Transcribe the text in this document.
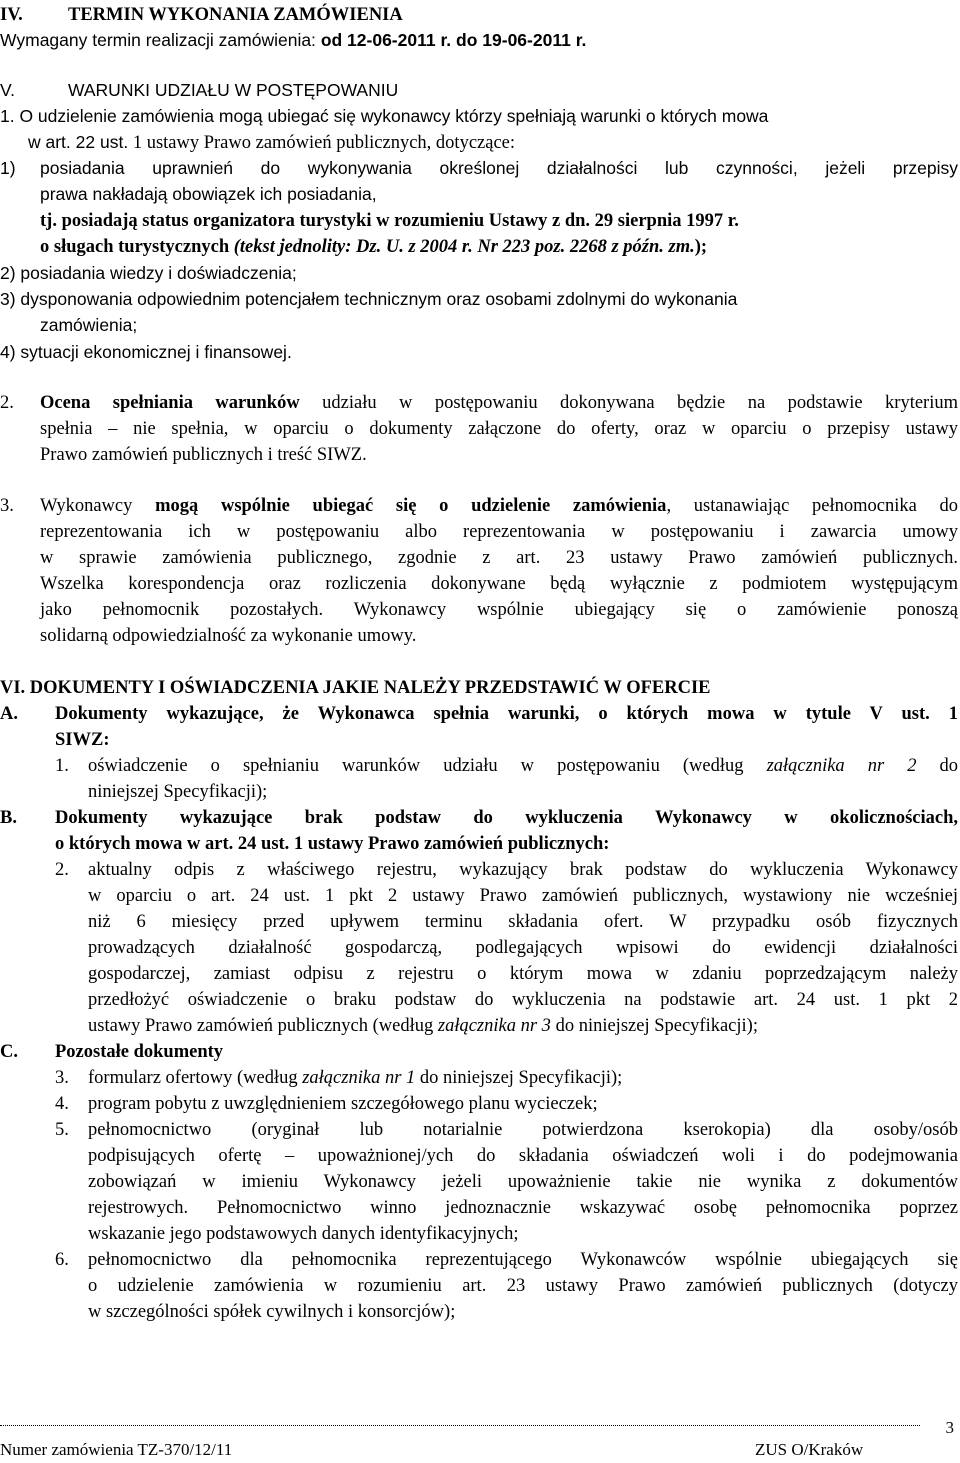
IV. TERMIN WYKONANIA ZAMÓWIENIA
Wymagany termin realizacji zamówienia: od 12-06-2011 r. do 19-06-2011 r.
V.	WARUNKI UDZIAŁU W POSTĘPOWANIU
1. O udzielenie zamówienia mogą ubiegać się wykonawcy którzy spełniają warunki o których mowa
w art. 22 ust. 1 ustawy Prawo zamówień publicznych, dotyczące:
1) posiadania uprawnień do wykonywania określonej działalności lub czynności, jeżeli przepisy
prawa nakładają obowiązek ich posiadania,
tj. posiadają status organizatora turystyki w rozumieniu Ustawy z dn. 29 sierpnia 1997 r.
o sługach turystycznych (tekst jednolity: Dz. U. z 2004 r. Nr 223 poz. 2268 z późn. zm.);
2) posiadania wiedzy i doświadczenia;
3) dysponowania odpowiednim potencjałem technicznym oraz osobami zdolnymi do wykonania
zamówienia;
4) sytuacji ekonomicznej i finansowej.
2. Ocena spełniania warunków udziału w postępowaniu dokonywana będzie na podstawie kryterium
spełnia – nie spełnia, w oparciu o dokumenty załączone do oferty, oraz w oparciu o przepisy ustawy
Prawo zamówień publicznych i treść SIWZ.
3. Wykonawcy mogą wspólnie ubiegać się o udzielenie zamówienia, ustanawiając pełnomocnika do
reprezentowania ich w postępowaniu albo reprezentowania w postępowaniu i zawarcia umowy
w sprawie zamówienia publicznego, zgodnie z art. 23 ustawy Prawo zamówień publicznych.
Wszelka korespondencja oraz rozliczenia dokonywane będą wyłącznie z podmiotem występującym
jako pełnomocnik pozostałych. Wykonawcy wspólnie ubiegający się o zamówienie ponoszą
solidarną odpowiedzialność za wykonanie umowy.
VI. DOKUMENTY I OŚWIADCZENIA JAKIE NALEŻY PRZEDSTAWIĆ W OFERCIE
A. Dokumenty wykazujące, że Wykonawca spełnia warunki, o których mowa w tytule V ust. 1
SIWZ:
1. oświadczenie o spełnianiu warunków udziału w postępowaniu (według załącznika nr 2 do
niniejszej Specyfikacji);
B. Dokumenty wykazujące brak podstaw do wykluczenia Wykonawcy w okolicznościach,
o których mowa w art. 24 ust. 1 ustawy Prawo zamówień publicznych:
2. aktualny odpis z właściwego rejestru, wykazujący brak podstaw do wykluczenia Wykonawcy
w oparciu o art. 24 ust. 1 pkt 2 ustawy Prawo zamówień publicznych, wystawiony nie wcześniej
niż 6 miesięcy przed upływem terminu składania ofert. W przypadku osób fizycznych
prowadzących działalność gospodarczą, podlegających wpisowi do ewidencji działalności
gospodarczej, zamiast odpisu z rejestru o którym mowa w zdaniu poprzedzającym należy
przedłożyć oświadczenie o braku podstaw do wykluczenia na podstawie art. 24 ust. 1 pkt 2
ustawy Prawo zamówień publicznych (według załącznika nr 3 do niniejszej Specyfikacji);
C. Pozostałe dokumenty
3. formularz ofertowy (według załącznika nr 1 do niniejszej Specyfikacji);
4. program pobytu z uwzględnieniem szczegółowego planu wycieczek;
5. pełnomocnictwo (oryginał lub notarialnie potwierdzona kserokopia) dla osoby/osób
podpisujących ofertę – upoważnionej/ych do składania oświadczeń woli i do podejmowania
zobowiązań w imieniu Wykonawcy jeżeli upoważnienie takie nie wynika z dokumentów
rejestrowych. Pełnomocnictwo winno jednoznacznie wskazywać osobę pełnomocnika poprzez
wskazanie jego podstawowych danych identyfikacyjnych;
6. pełnomocnictwo dla pełnomocnika reprezentującego Wykonawców wspólnie ubiegających się
o udzielenie zamówienia w rozumieniu art. 23 ustawy Prawo zamówień publicznych (dotyczy
w szczególności spółek cywilnych i konsorcjów);
3
Numer zamówienia TZ-370/12/11	ZUS O/Kraków
